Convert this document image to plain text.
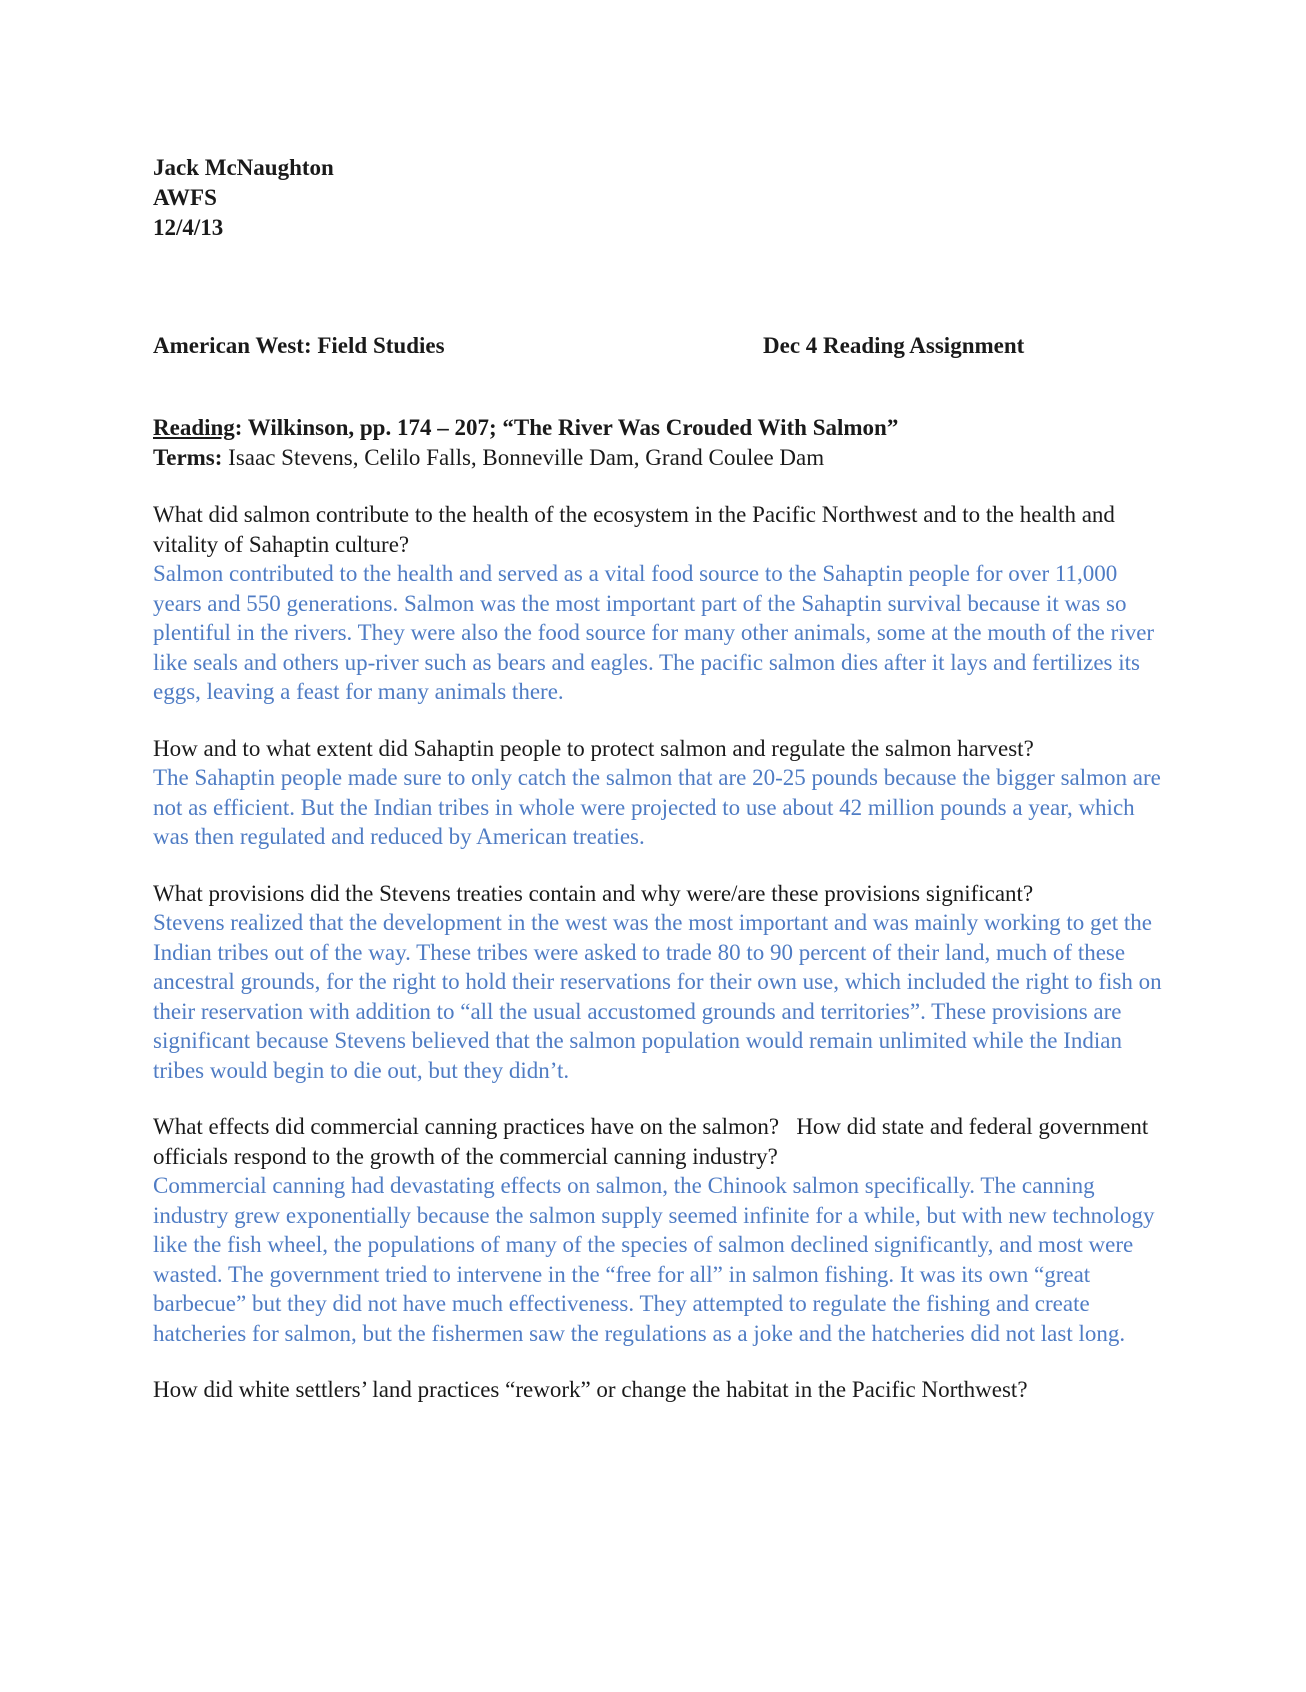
Jack McNaughton
AWFS
12/4/13
American West: Field Studies	Dec 4 Reading Assignment
Reading: Wilkinson, pp. 174 – 207; “The River Was Crouded With Salmon”
Terms: Isaac Stevens, Celilo Falls, Bonneville Dam, Grand Coulee Dam
What did salmon contribute to the health of the ecosystem in the Pacific Northwest and to the health and vitality of Sahaptin culture?
Salmon contributed to the health and served as a vital food source to the Sahaptin people for over 11,000 years and 550 generations. Salmon was the most important part of the Sahaptin survival because it was so plentiful in the rivers. They were also the food source for many other animals, some at the mouth of the river like seals and others up-river such as bears and eagles. The pacific salmon dies after it lays and fertilizes its eggs, leaving a feast for many animals there.
How and to what extent did Sahaptin people to protect salmon and regulate the salmon harvest?
The Sahaptin people made sure to only catch the salmon that are 20-25 pounds because the bigger salmon are not as efficient. But the Indian tribes in whole were projected to use about 42 million pounds a year, which was then regulated and reduced by American treaties.
What provisions did the Stevens treaties contain and why were/are these provisions significant?
Stevens realized that the development in the west was the most important and was mainly working to get the Indian tribes out of the way. These tribes were asked to trade 80 to 90 percent of their land, much of these ancestral grounds, for the right to hold their reservations for their own use, which included the right to fish on their reservation with addition to “all the usual accustomed grounds and territories”. These provisions are significant because Stevens believed that the salmon population would remain unlimited while the Indian tribes would begin to die out, but they didn’t.
What effects did commercial canning practices have on the salmon?   How did state and federal government officials respond to the growth of the commercial canning industry?
Commercial canning had devastating effects on salmon, the Chinook salmon specifically. The canning industry grew exponentially because the salmon supply seemed infinite for a while, but with new technology like the fish wheel, the populations of many of the species of salmon declined significantly, and most were wasted. The government tried to intervene in the “free for all” in salmon fishing. It was its own “great barbecue” but they did not have much effectiveness. They attempted to regulate the fishing and create hatcheries for salmon, but the fishermen saw the regulations as a joke and the hatcheries did not last long.
How did white settlers’ land practices “rework” or change the habitat in the Pacific Northwest?
